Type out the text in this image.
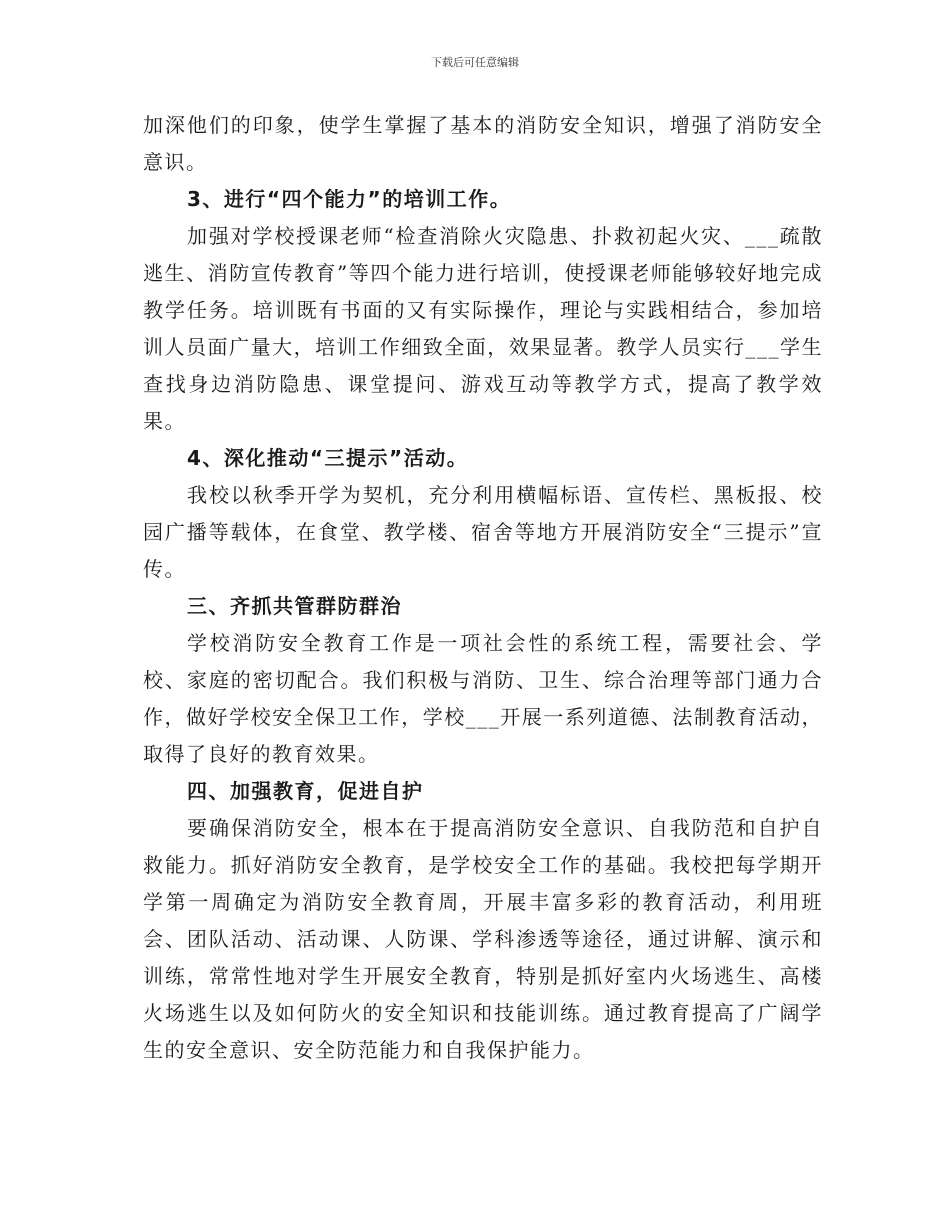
下载后可任意编辑

加深他们的印象，使学生掌握了基本的消防安全知识，增强了消防安全意识。

3、进行“四个能力”的培训工作。

加强对学校授课老师“检查消除火灾隐患、扑救初起火灾、___疏散逃生、消防宣传教育”等四个能力进行培训，使授课老师能够较好地完成教学任务。培训既有书面的又有实际操作，理论与实践相结合，参加培训人员面广量大，培训工作细致全面，效果显著。教学人员实行___学生查找身边消防隐患、课堂提问、游戏互动等教学方式，提高了教学效果。

4、深化推动“三提示”活动。

我校以秋季开学为契机，充分利用横幅标语、宣传栏、黑板报、校园广播等载体，在食堂、教学楼、宿舍等地方开展消防安全“三提示”宣传。

三、齐抓共管群防群治

学校消防安全教育工作是一项社会性的系统工程，需要社会、学校、家庭的密切配合。我们积极与消防、卫生、综合治理等部门通力合作，做好学校安全保卫工作，学校___开展一系列道德、法制教育活动，取得了良好的教育效果。

四、加强教育，促进自护

要确保消防安全，根本在于提高消防安全意识、自我防范和自护自救能力。抓好消防安全教育，是学校安全工作的基础。我校把每学期开学第一周确定为消防安全教育周，开展丰富多彩的教育活动，利用班会、团队活动、活动课、人防课、学科渗透等途径，通过讲解、演示和训练，常常性地对学生开展安全教育，特别是抓好室内火场逃生、高楼火场逃生以及如何防火的安全知识和技能训练。通过教育提高了广阔学生的安全意识、安全防范能力和自我保护能力。
